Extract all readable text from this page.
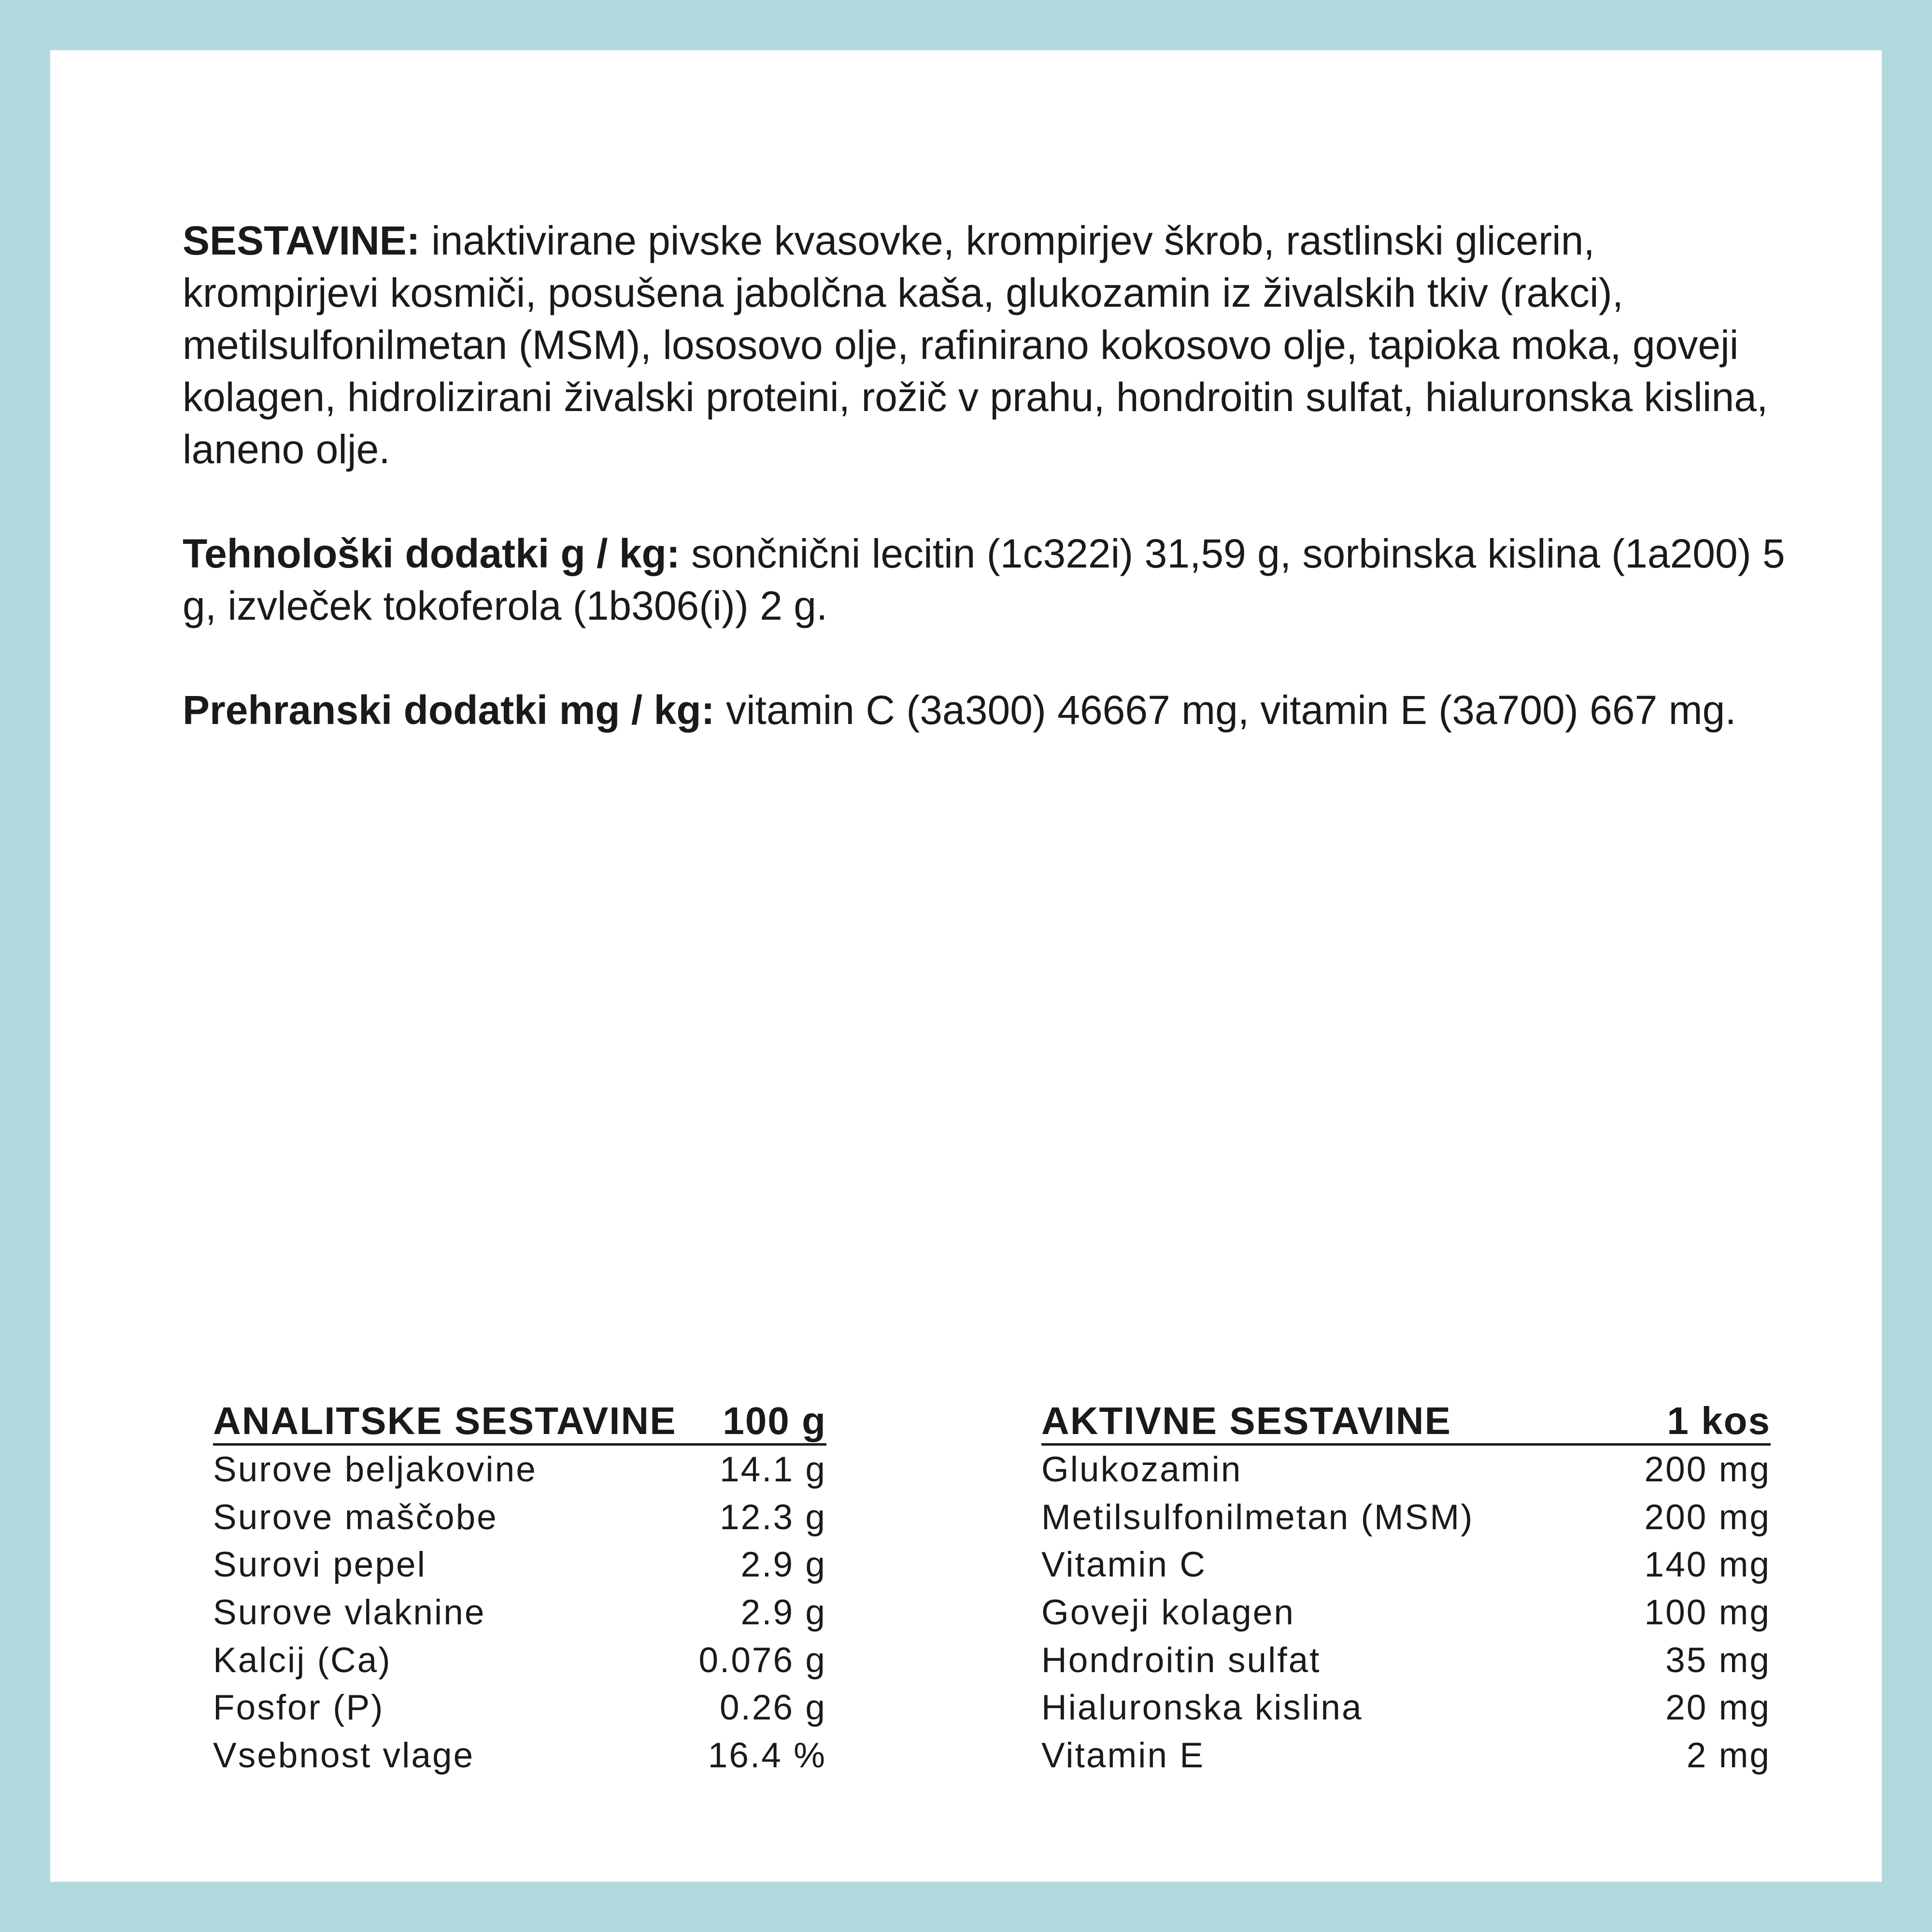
SESTAVINE: inaktivirane pivske kvasovke, krompirjev škrob, rastlinski glicerin, krompirjevi kosmiči, posušena jabolčna kaša, glukozamin iz živalskih tkiv (rakci), metilsulfonilmetan (MSM), lososovo olje, rafinirano kokosovo olje, tapioka moka, goveji kolagen, hidrolizirani živalski proteini, rožič v prahu, hondroitin sulfat, hialuronska kislina, laneno olje.

Tehnološki dodatki g / kg: sončnični lecitin (1c322i) 31,59 g, sorbinska kislina (1a200) 5 g, izvleček tokoferola (1b306(i)) 2 g.

Prehranski dodatki mg / kg: vitamin C (3a300) 46667 mg, vitamin E (3a700) 667 mg.

ANALITSKE SESTAVINE 100 g
Surove beljakovine	14.1 g
Surove maščobe	12.3 g
Surovi pepel	2.9 g
Surove vlaknine	2.9 g
Kalcij (Ca)	0.076 g
Fosfor (P)	0.26 g
Vsebnost vlage	16.4 %
AKTIVNE SESTAVINE	1 kos
Glukozamin	200 mg
Metilsulfonilmetan (MSM)	200 mg
Vitamin C	140 mg
Goveji kolagen	100 mg
Hondroitin sulfat	35 mg
Hialuronska kislina	20 mg
Vitamin E	2 mg
